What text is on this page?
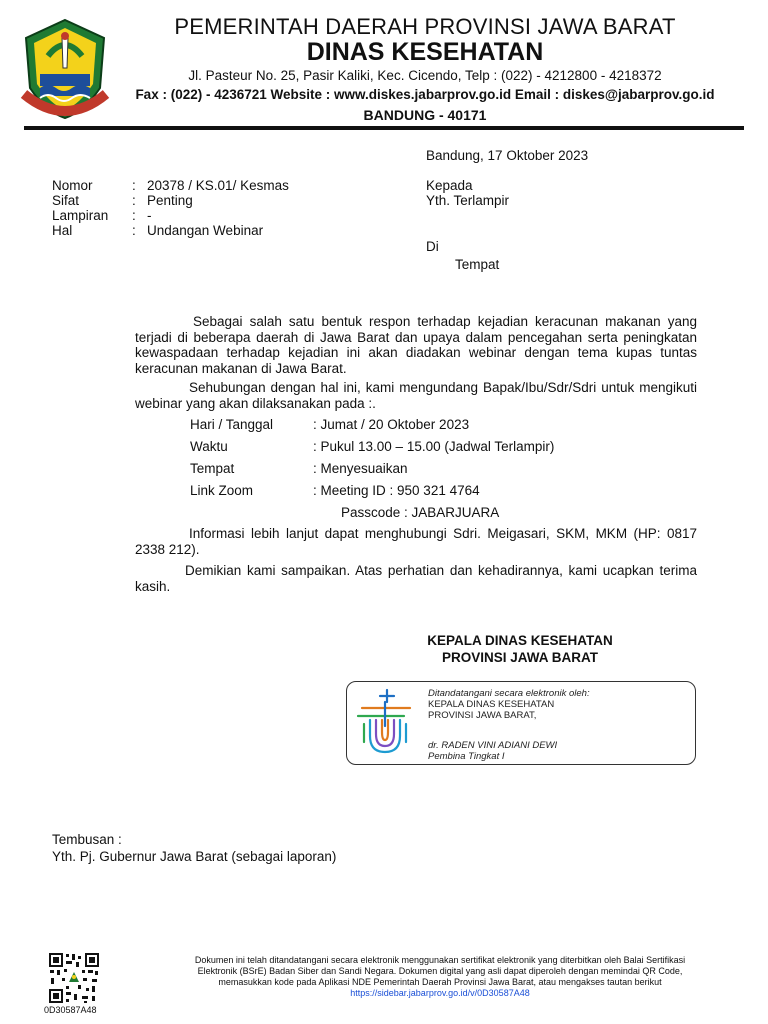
PEMERINTAH DAERAH PROVINSI JAWA BARAT
DINAS KESEHATAN
Jl. Pasteur No. 25, Pasir Kaliki, Kec. Cicendo, Telp : (022) - 4212800 - 4218372
Fax : (022) - 4236721 Website : www.diskes.jabarprov.go.id Email : diskes@jabarprov.go.id
BANDUNG - 40171
Bandung, 17 Oktober 2023
Nomor	: 20378 / KS.01/ Kesmas
Sifat	: Penting
Lampiran : -
Hal	: Undangan Webinar
Kepada
Yth. Terlampir
Di
Tempat
Sebagai salah satu bentuk respon terhadap kejadian keracunan makanan yang terjadi di beberapa daerah di Jawa Barat dan upaya dalam pencegahan serta peningkatan kewaspadaan terhadap kejadian ini akan diadakan webinar dengan tema kupas tuntas keracunan makanan di Jawa Barat.
Sehubungan dengan hal ini, kami mengundang Bapak/Ibu/Sdr/Sdri untuk mengikuti webinar yang akan dilaksanakan pada :.
Hari / Tanggal	: Jumat / 20 Oktober 2023
Waktu	: Pukul 13.00 – 15.00 (Jadwal Terlampir)
Tempat	: Menyesuaikan
Link Zoom	: Meeting ID : 950 321 4764
Passcode : JABARJUARA
Informasi lebih lanjut dapat menghubungi Sdri. Meigasari, SKM, MKM (HP: 0817 2338 212).
Demikian kami sampaikan. Atas perhatian dan kehadirannya, kami ucapkan terima kasih.
KEPALA DINAS KESEHATAN
PROVINSI JAWA BARAT
Ditandatangani secara elektronik oleh:
KEPALA DINAS KESEHATAN
PROVINSI JAWA BARAT,
dr. RADEN VINI ADIANI DEWI
Pembina Tingkat I
Tembusan :
Yth. Pj. Gubernur Jawa Barat (sebagai laporan)
0D30587A48
Dokumen ini telah ditandatangani secara elektronik menggunakan sertifikat elektronik yang diterbitkan oleh Balai Sertifikasi
Elektronik (BSrE) Badan Siber dan Sandi Negara. Dokumen digital yang asli dapat diperoleh dengan memindai QR Code,
memasukkan kode pada Aplikasi NDE Pemerintah Daerah Provinsi Jawa Barat, atau mengakses tautan berikut
https://sidebar.jabarprov.go.id/v/0D30587A48
